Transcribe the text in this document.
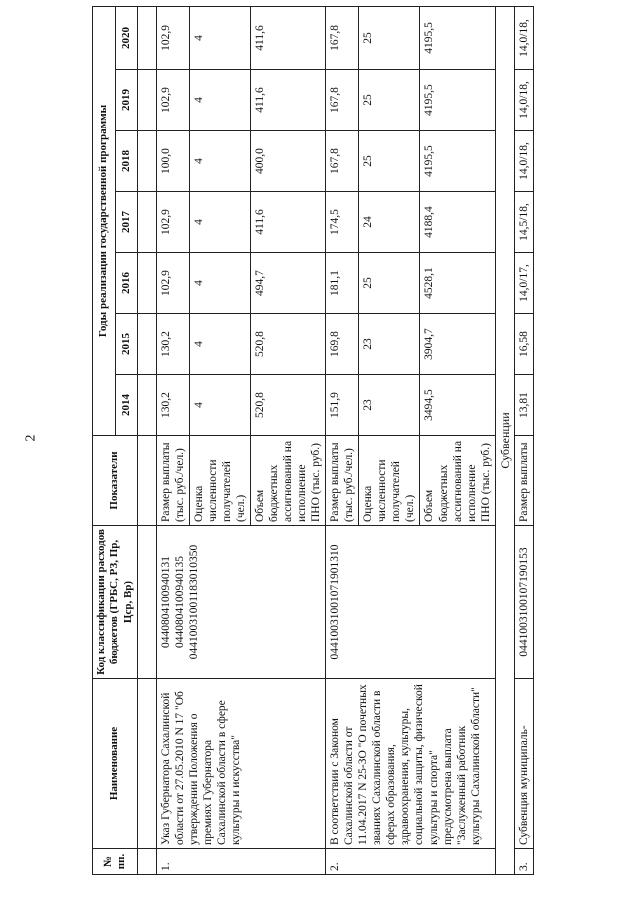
2
№ пп.	Наименование	Код классификации расходов бюджетов (ГРБС, РЗ, Пр, Цср, Вр)	Показатели	Годы реализации государственной программы						
				2014	2015	2016	2017	2018	2019	2020

1.	Указ Губернатора Сахалинской области от 27.05.2010 N 17 "Об утверждении Положения о премиях Губернатора Сахалинской области в сфере культуры и искусства"	0440804100940131 0440804100940135 04410031001183010350	Размер выплаты (тыс. руб./чел.)	130,2	130,2	102,9	102,9	100,0	102,9	102,9
			Оценка численности получателей (чел.)	4	4	4	4	4	4	4
			Объем бюджетных ассигнований на исполнение ПНО (тыс. руб.)	520,8	520,8	494,7	411,6	400,0	411,6	411,6
2.	В соответствии с Законом Сахалинской области от 11.04.2017 N 25-ЗО "О почетных званиях Сахалинской области в сферах образования, здравоохранения, культуры, социальной защиты, физической культуры и спорта" предусмотрена выплата "Заслуженный работник культуры Сахалинской области"	04410031001071901310	Размер выплаты (тыс. руб./чел.)	151,9	169,8	181,1	174,5	167,8	167,8	167,8
			Оценка численности получателей (чел.)	23	23	25	24	25	25	25
			Объем бюджетных ассигнований на исполнение ПНО (тыс. руб.)	3494,5	3904,7	4528,1	4188,4	4195,5	4195,5	4195,5
Субвенции										
3.	Субвенция муниципаль-	0441003100107190153	Размер выплаты	13,81	16,58	14,0/17,	14,5/18,	14,0/18,	14,0/18,	14,0/18,
